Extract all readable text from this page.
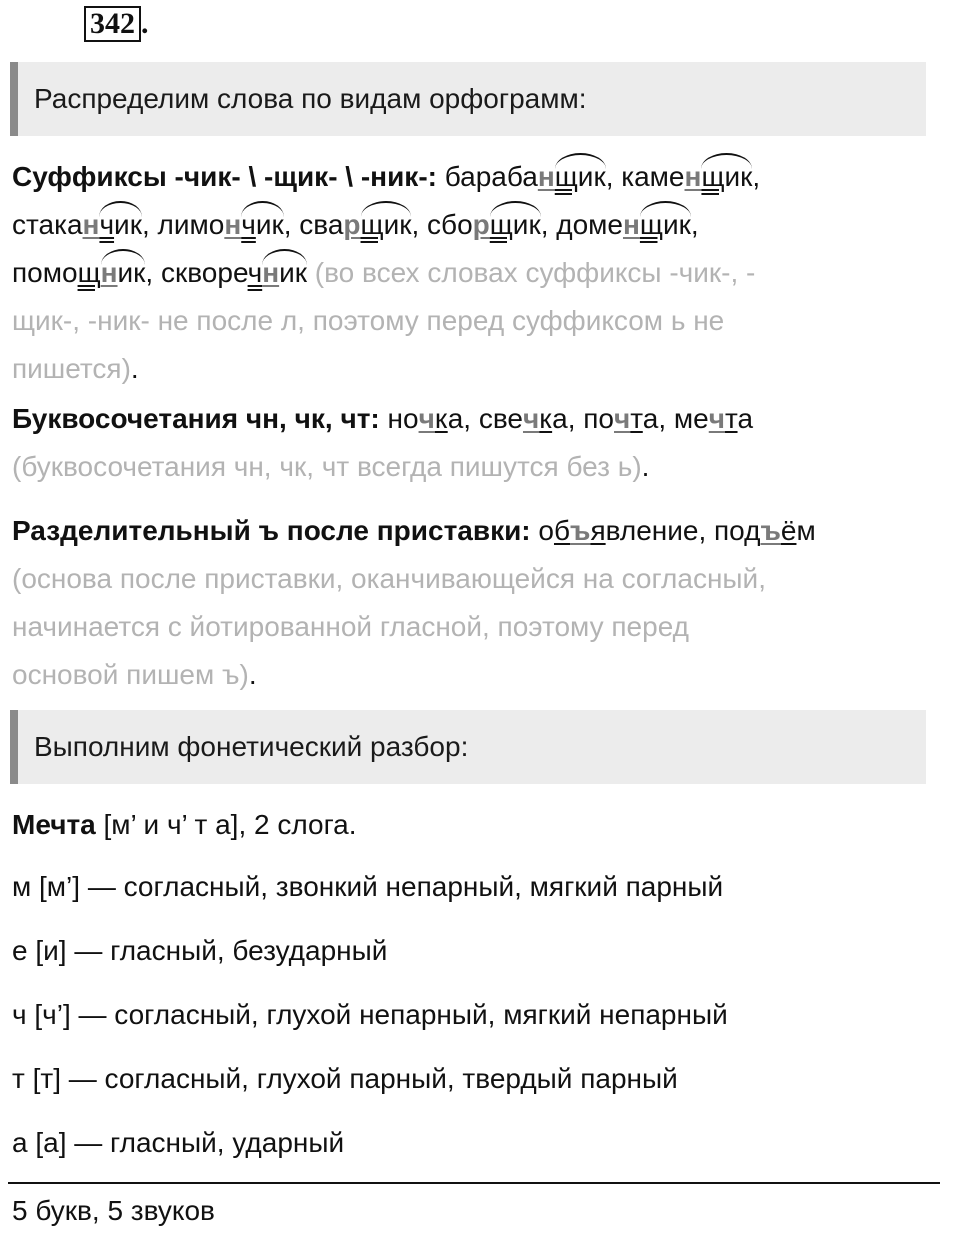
342 .
Распределим слова по видам орфограмм:
Суффиксы -чик- \ -щик- \ -ник-: барабанщик, каменщик,
стаканчик, лимончик, сварщик, сборщик, доменщик,
помощник, скворечник (во всех словах суффиксы -чик-, -
щик-, -ник- не после л, поэтому перед суффиксом ь не
пишется).
Буквосочетания чн, чк, чт: ночка, свечка, почта, мечта
(буквосочетания чн, чк, чт всегда пишутся без ь).
Разделительный ъ после приставки: объявление, подъём
(основа после приставки, оканчивающейся на согласный,
начинается с йотированной гласной, поэтому перед
основой пишем ъ).
Выполним фонетический разбор:
Мечта [м’ и ч’ т а], 2 слога.
м [м’] — согласный, звонкий непарный, мягкий парный
е [и] — гласный, безударный
ч [ч’] — согласный, глухой непарный, мягкий непарный
т [т] — согласный, глухой парный, твердый парный
а [а] — гласный, ударный
5 букв, 5 звуков
